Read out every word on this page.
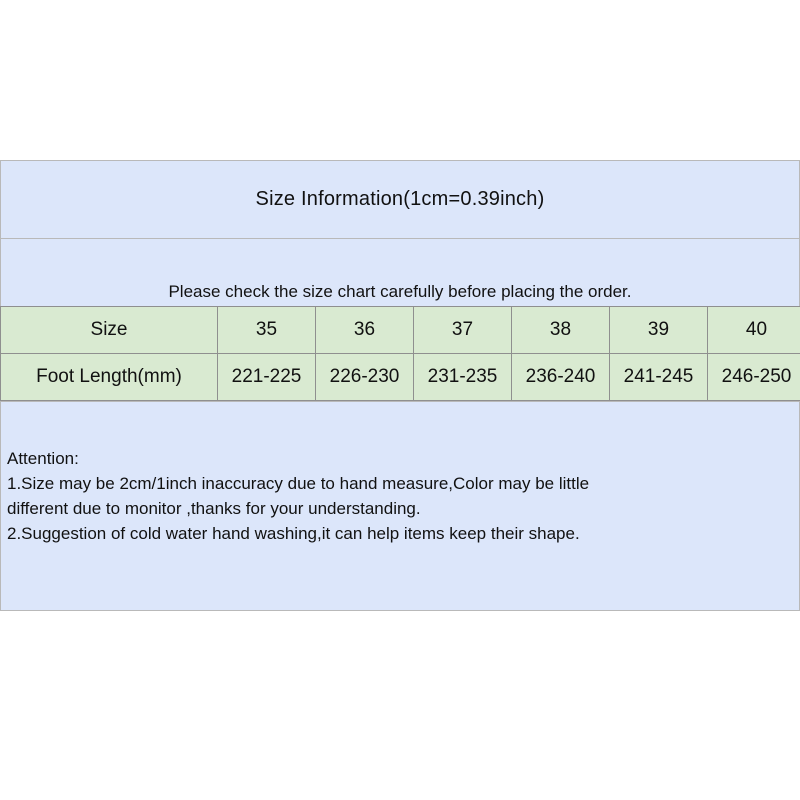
Size Information(1cm=0.39inch)
Please check the size chart carefully before placing the order.
Size	35	36	37	38	39	40
Foot Length(mm)	221-225	226-230	231-235	236-240	241-245	246-250
Attention:
1.Size may be 2cm/1inch inaccuracy due to hand measure,Color may be little
different due to monitor ,thanks for your understanding.
2.Suggestion of cold water hand washing,it can help items keep their shape.
